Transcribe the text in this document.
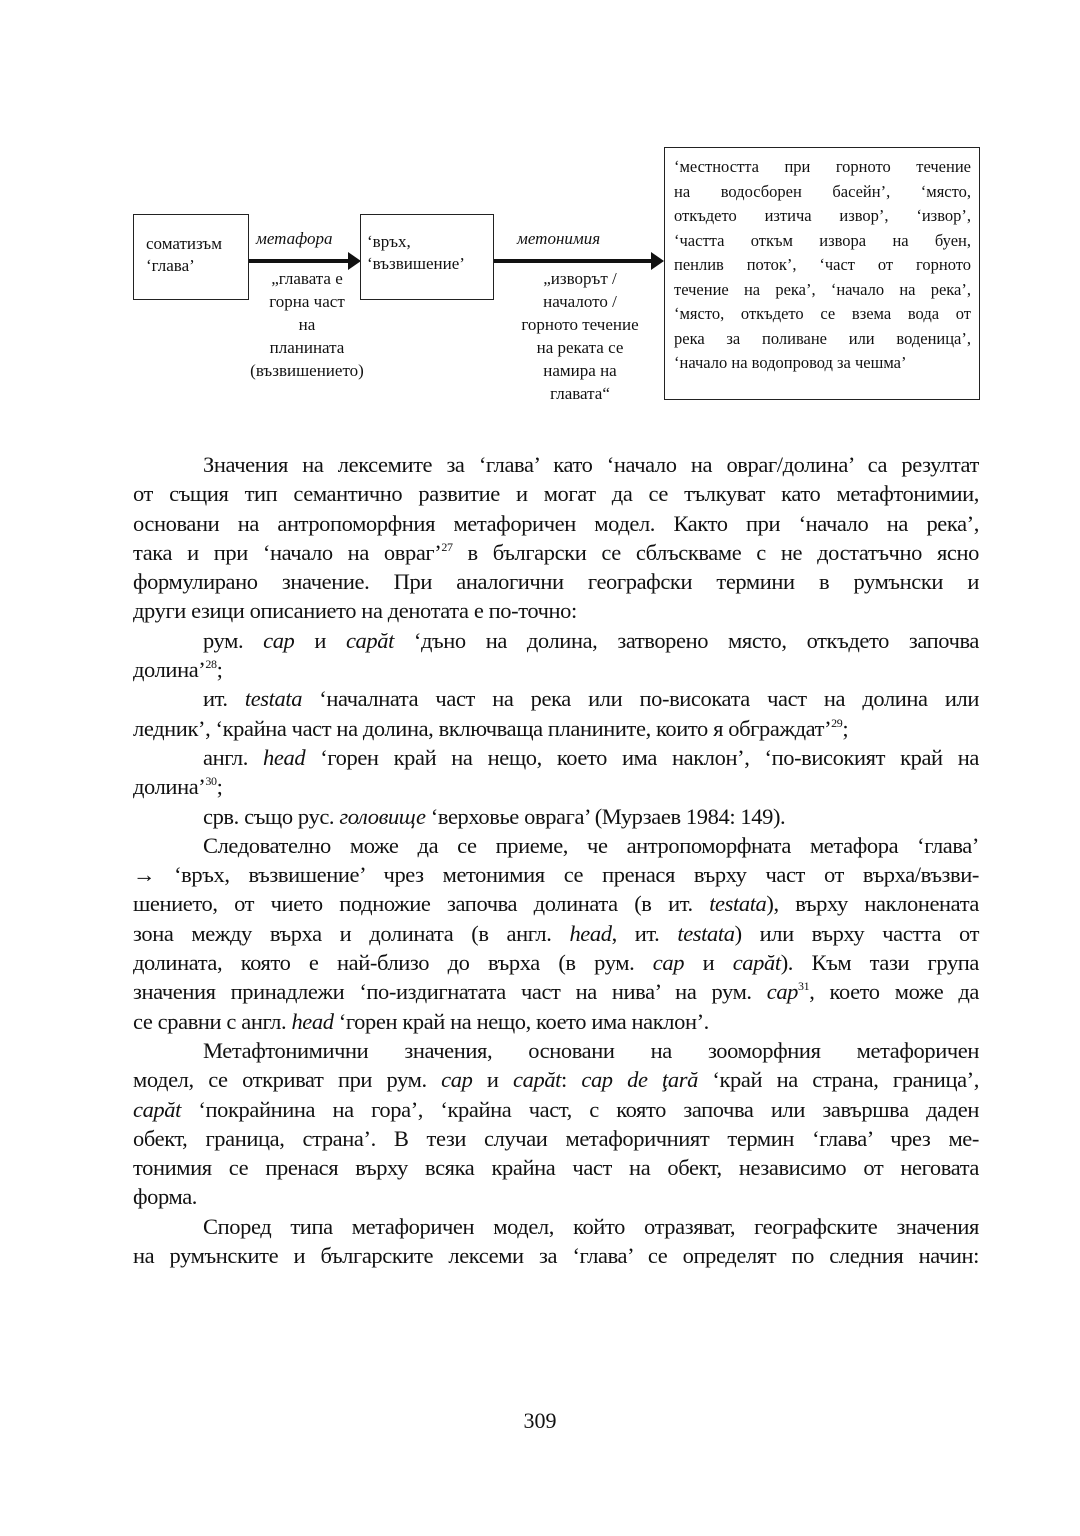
соматизъм
‘глава’
метафора
„главата е
горна част
на
планината
(възвишението)
‘връх,
‘възвишение’
метонимия
„изворът /
началото /
горното течение
на реката се
намира на
главата“
‘местността при горното течение
на водосборен басейн’, ‘място,
откъдето изтича извор’, ‘извор’,
‘частта откъм извора на буен,
пенлив поток’, ‘част от горното
течение на река’, ‘начало на река’,
‘място, откъдето се взема вода от
река за поливане или воденица’,
‘начало на водопровод за чешма’

Значения на лексемите за ‘глава’ като ‘начало на овраг/долина’ са резултат

от същия тип семантично развитие и могат да се тълкуват като метафтонимии,

основани на антропоморфния метафоричен модел. Както при ‘начало на река’,

така и при ‘начало на овраг’$^{27}$ в български се сблъскваме с не достатъчно ясно

формулирано значение. При аналогични географски термини в румънски и

други езици описанието на денотата е по-точно:

рум. cap и capăt ‘дъно на долина, затворено място, откъдето започва

долина’$^{28}$;

ит. testata ‘началната част на река или по-високата част на долина или

ледник’, ‘крайна част на долина, включваща планините, които я обграждат’$^{29}$;

англ. head ‘горен край на нещо, което има наклон’, ‘по-високият край на

долина’$^{30}$;

срв. също рус. головище ‘верховье оврага’ (Мурзаев 1984: 149).

Следователно може да се приеме, че антропоморфната метафора ‘глава’

→ ‘връх, възвишение’ чрез метонимия се пренася върху част от върха/възви-

шението, от чието подножие започва долината (в ит. testata), върху наклонената

зона между върха и долината (в англ. head, ит. testata) или върху частта от

долината, която е най-близо до върха (в рум. cap и capăt). Към тази група

значения принадлежи ‘по-издигнатата част на нива’ на рум. cap$^{31}$, което може да

се сравни с англ. head ‘горен край на нещо, което има наклон’.

Метафтонимични значения, основани на зооморфния метафоричен

модел, се откриват при рум. cap и capăt: cap de ţară ‘край на страна, граница’,

capăt ‘покрайнина на гора’, ‘крайна част, с която започва или завършва даден

обект, граница, страна’. В тези случаи метафоричният термин ‘глава’ чрез ме-

тонимия се пренася върху всяка крайна част на обект, независимо от неговата

форма.

Според типа метафоричен модел, който отразяват, географските значения

на румънските и българските лексеми за ‘глава’ се определят по следния начин:

309
